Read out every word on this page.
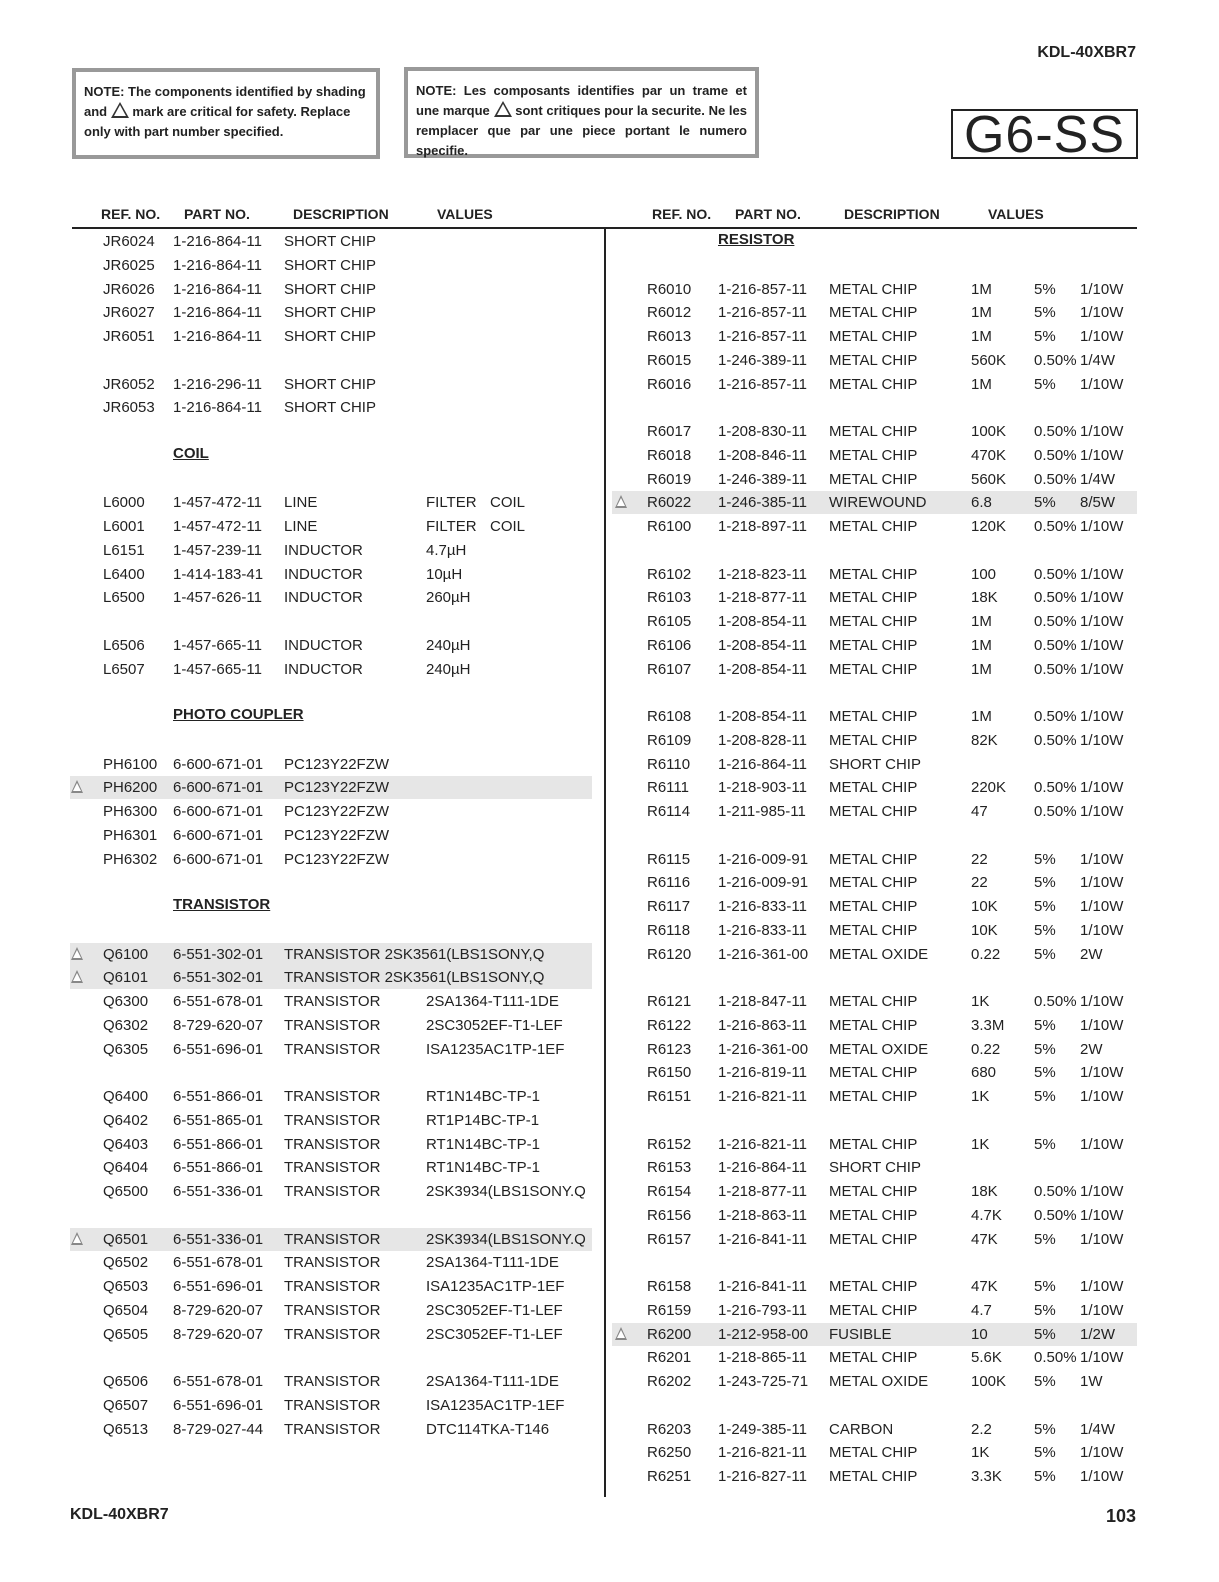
KDL-40XBR7
NOTE: The components identified by shading and  mark are critical for safety. Replace only with part number specified.
NOTE: Les composants identifies par un trame et une marque  sont critiques pour la securite. Ne les remplacer que par une piece portant le numero specifie.	G6-SS
REF. NO. PART NO.	DESCRIPTION	VALUES	REF. NO. PART NO.	DESCRIPTION	VALUES
JR6024 1-216-864-11 SHORT CHIP
JR6025 1-216-864-11 SHORT CHIP
JR6026 1-216-864-11 SHORT CHIP
JR6027 1-216-864-11 SHORT CHIP
JR6051 1-216-864-11 SHORT CHIP
JR6052 1-216-296-11 SHORT CHIP
JR6053 1-216-864-11 SHORT CHIP
COIL
L6000 1-457-472-11 LINE	FILTER COIL
L6001 1-457-472-11 LINE	FILTER COIL
L6151 1-457-239-11 INDUCTOR	4.7µH
L6400 1-414-183-41 INDUCTOR	10µH
L6500 1-457-626-11 INDUCTOR	260µH
L6506 1-457-665-11 INDUCTOR	240µH
L6507 1-457-665-11 INDUCTOR	240µH
PHOTO COUPLER
PH6100 6-600-671-01 PC123Y22FZW
PH6200 6-600-671-01 PC123Y22FZW
PH6300 6-600-671-01 PC123Y22FZW
PH6301 6-600-671-01 PC123Y22FZW
PH6302 6-600-671-01 PC123Y22FZW
TRANSISTOR
Q6100 6-551-302-01 TRANSISTOR 2SK3561(LBS1SONY,Q
Q6101 6-551-302-01 TRANSISTOR 2SK3561(LBS1SONY,Q
Q6300 6-551-678-01 TRANSISTOR	2SA1364-T111-1DE
Q6302 8-729-620-07 TRANSISTOR	2SC3052EF-T1-LEF
Q6305 6-551-696-01 TRANSISTOR	ISA1235AC1TP-1EF
Q6400 6-551-866-01 TRANSISTOR	RT1N14BC-TP-1
Q6402 6-551-865-01 TRANSISTOR	RT1P14BC-TP-1
Q6403 6-551-866-01 TRANSISTOR	RT1N14BC-TP-1
Q6404 6-551-866-01 TRANSISTOR	RT1N14BC-TP-1
Q6500 6-551-336-01 TRANSISTOR	2SK3934(LBS1SONY.Q
Q6501 6-551-336-01 TRANSISTOR	2SK3934(LBS1SONY.Q
Q6502 6-551-678-01 TRANSISTOR	2SA1364-T111-1DE
Q6503 6-551-696-01 TRANSISTOR	ISA1235AC1TP-1EF
Q6504 8-729-620-07 TRANSISTOR	2SC3052EF-T1-LEF
Q6505 8-729-620-07 TRANSISTOR	2SC3052EF-T1-LEF
Q6506 6-551-678-01 TRANSISTOR	2SA1364-T111-1DE
Q6507 6-551-696-01 TRANSISTOR	ISA1235AC1TP-1EF
Q6513 8-729-027-44 TRANSISTOR	DTC114TKA-T146
RESISTOR
R6010 1-216-857-11 METAL CHIP	1M	5% 1/10W
R6012 1-216-857-11 METAL CHIP	1M	5% 1/10W
R6013 1-216-857-11 METAL CHIP	1M	5% 1/10W
R6015 1-246-389-11 METAL CHIP	560K 0.50% 1/4W
R6016 1-216-857-11 METAL CHIP	1M	5% 1/10W
R6017 1-208-830-11 METAL CHIP	100K 0.50% 1/10W
R6018 1-208-846-11 METAL CHIP	470K 0.50% 1/10W
R6019 1-246-389-11 METAL CHIP	560K 0.50% 1/4W
R6022 1-246-385-11 WIREWOUND	6.8	5% 8/5W
R6100 1-218-897-11 METAL CHIP	120K 0.50% 1/10W
R6102 1-218-823-11 METAL CHIP	100	0.50% 1/10W
R6103 1-218-877-11 METAL CHIP	18K 0.50% 1/10W
R6105 1-208-854-11 METAL CHIP	1M	0.50% 1/10W
R6106 1-208-854-11 METAL CHIP	1M	0.50% 1/10W
R6107 1-208-854-11 METAL CHIP	1M	0.50% 1/10W
R6108 1-208-854-11 METAL CHIP	1M	0.50% 1/10W
R6109 1-208-828-11 METAL CHIP	82K 0.50% 1/10W
R6110 1-216-864-11 SHORT CHIP
R6111 1-218-903-11 METAL CHIP	220K 0.50% 1/10W
R6114 1-211-985-11 METAL CHIP	47	0.50% 1/10W
R6115 1-216-009-91 METAL CHIP	22	5% 1/10W
R6116 1-216-009-91 METAL CHIP	22	5% 1/10W
R6117 1-216-833-11 METAL CHIP	10K 5% 1/10W
R6118 1-216-833-11 METAL CHIP	10K 5% 1/10W
R6120 1-216-361-00 METAL OXIDE	0.22 5% 2W
R6121 1-218-847-11 METAL CHIP	1K	0.50% 1/10W
R6122 1-216-863-11 METAL CHIP	3.3M 5% 1/10W
R6123 1-216-361-00 METAL OXIDE	0.22 5% 2W
R6150 1-216-819-11 METAL CHIP	680	5% 1/10W
R6151 1-216-821-11 METAL CHIP	1K	5% 1/10W
R6152 1-216-821-11 METAL CHIP	1K	5% 1/10W
R6153 1-216-864-11 SHORT CHIP
R6154 1-218-877-11 METAL CHIP	18K 0.50% 1/10W
R6156 1-218-863-11 METAL CHIP	4.7K 0.50% 1/10W
R6157 1-216-841-11 METAL CHIP	47K 5% 1/10W
R6158 1-216-841-11 METAL CHIP	47K 5% 1/10W
R6159 1-216-793-11 METAL CHIP	4.7	5% 1/10W
R6200 1-212-958-00 FUSIBLE	10	5% 1/2W
R6201 1-218-865-11 METAL CHIP	5.6K 0.50% 1/10W
R6202 1-243-725-71 METAL OXIDE	100K 5% 1W
R6203 1-249-385-11 CARBON	2.2	5% 1/4W
R6250 1-216-821-11 METAL CHIP	1K	5% 1/10W
R6251 1-216-827-11 METAL CHIP	3.3K 5% 1/10W
KDL-40XBR7	103
